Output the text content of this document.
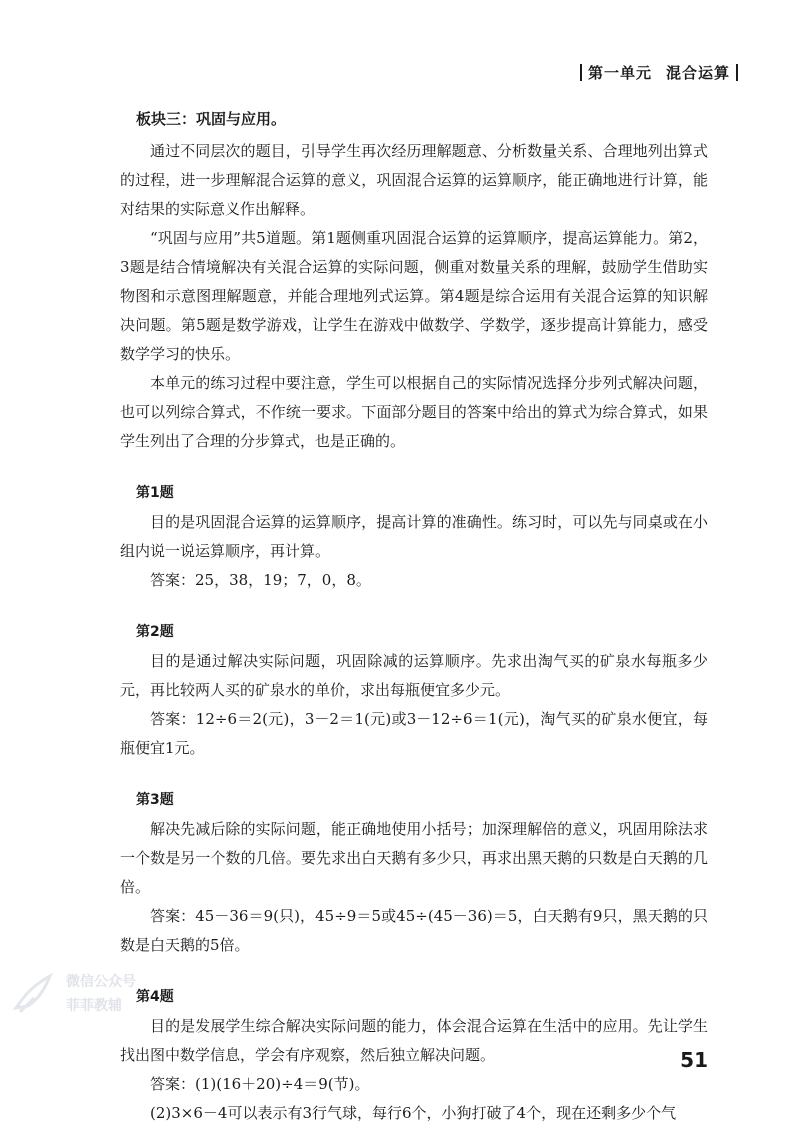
第一单元 混合运算
板块三：巩固与应用。

通过不同层次的题目，引导学生再次经历理解题意、分析数量关系、合理地列出算式的过程，进一步理解混合运算的意义，巩固混合运算的运算顺序，能正确地进行计算，能对结果的实际意义作出解释。

“巩固与应用”共5道题。第1题侧重巩固混合运算的运算顺序，提高运算能力。第2，3题是结合情境解决有关混合运算的实际问题，侧重对数量关系的理解，鼓励学生借助实物图和示意图理解题意，并能合理地列式运算。第4题是综合运用有关混合运算的知识解决问题。第5题是数学游戏，让学生在游戏中做数学、学数学，逐步提高计算能力，感受数学学习的快乐。

本单元的练习过程中要注意，学生可以根据自己的实际情况选择分步列式解决问题，也可以列综合算式，不作统一要求。下面部分题目的答案中给出的算式为综合算式，如果学生列出了合理的分步算式，也是正确的。

第1题

目的是巩固混合运算的运算顺序，提高计算的准确性。练习时，可以先与同桌或在小组内说一说运算顺序，再计算。

答案：25，38，19；7，0，8。

第2题

目的是通过解决实际问题，巩固除减的运算顺序。先求出淘气买的矿泉水每瓶多少元，再比较两人买的矿泉水的单价，求出每瓶便宜多少元。

答案：12÷6＝2(元)，3－2＝1(元)或3－12÷6＝1(元)，淘气买的矿泉水便宜，每瓶便宜1元。

第3题

解决先减后除的实际问题，能正确地使用小括号；加深理解倍的意义，巩固用除法求一个数是另一个数的几倍。要先求出白天鹅有多少只，再求出黑天鹅的只数是白天鹅的几倍。

答案：45－36＝9(只)，45÷9＝5或45÷(45－36)＝5，白天鹅有9只，黑天鹅的只数是白天鹅的5倍。

第4题

目的是发展学生综合解决实际问题的能力，体会混合运算在生活中的应用。先让学生找出图中数学信息，学会有序观察，然后独立解决问题。

答案：(1)(16＋20)÷4＝9(节)。

(2)3×6－4可以表示有3行气球，每行6个，小狗打破了4个，现在还剩多少个气

微信公众号
菲菲教辅
51
